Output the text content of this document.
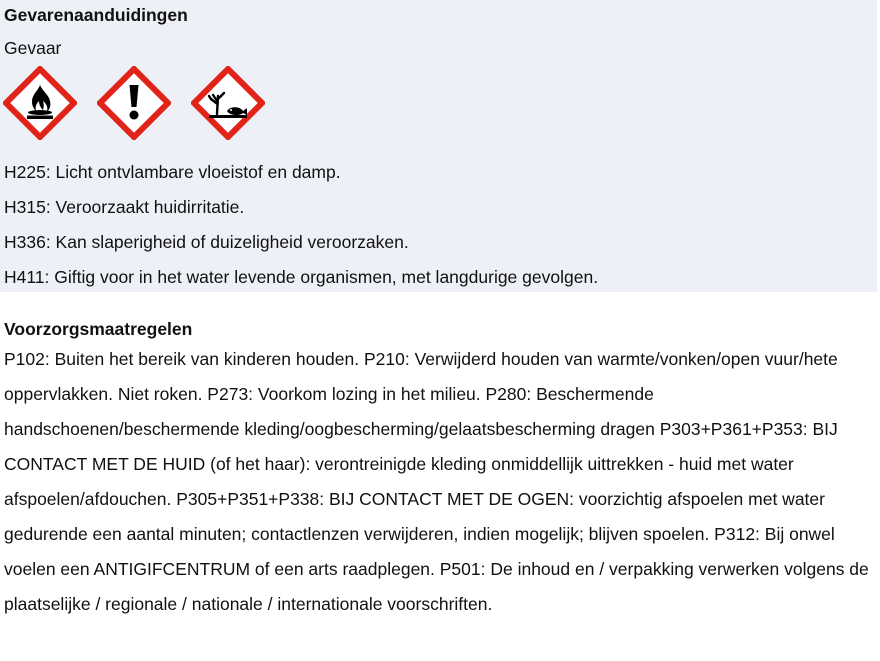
Gevarenaanduidingen
Gevaar
H225: Licht ontvlambare vloeistof en damp.
H315: Veroorzaakt huidirritatie.
H336: Kan slaperigheid of duizeligheid veroorzaken.
H411: Giftig voor in het water levende organismen, met langdurige gevolgen.
Voorzorgsmaatregelen

P102: Buiten het bereik van kinderen houden. P210: Verwijderd houden van warmte/vonken/open vuur/hete oppervlakken. Niet roken. P273: Voorkom lozing in het milieu. P280: Beschermende handschoenen/beschermende kleding/oogbescherming/gelaatsbescherming dragen P303+P361+P353: BIJ CONTACT MET DE HUID (of het haar): verontreinigde kleding onmiddellijk uittrekken - huid met water afspoelen/afdouchen. P305+P351+P338: BIJ CONTACT MET DE OGEN: voorzichtig afspoelen met water gedurende een aantal minuten; contactlenzen verwijderen, indien mogelijk; blijven spoelen. P312: Bij onwel voelen een ANTIGIFCENTRUM of een arts raadplegen. P501: De inhoud en / verpakking verwerken volgens de plaatselijke / regionale / nationale / internationale voorschriften.
